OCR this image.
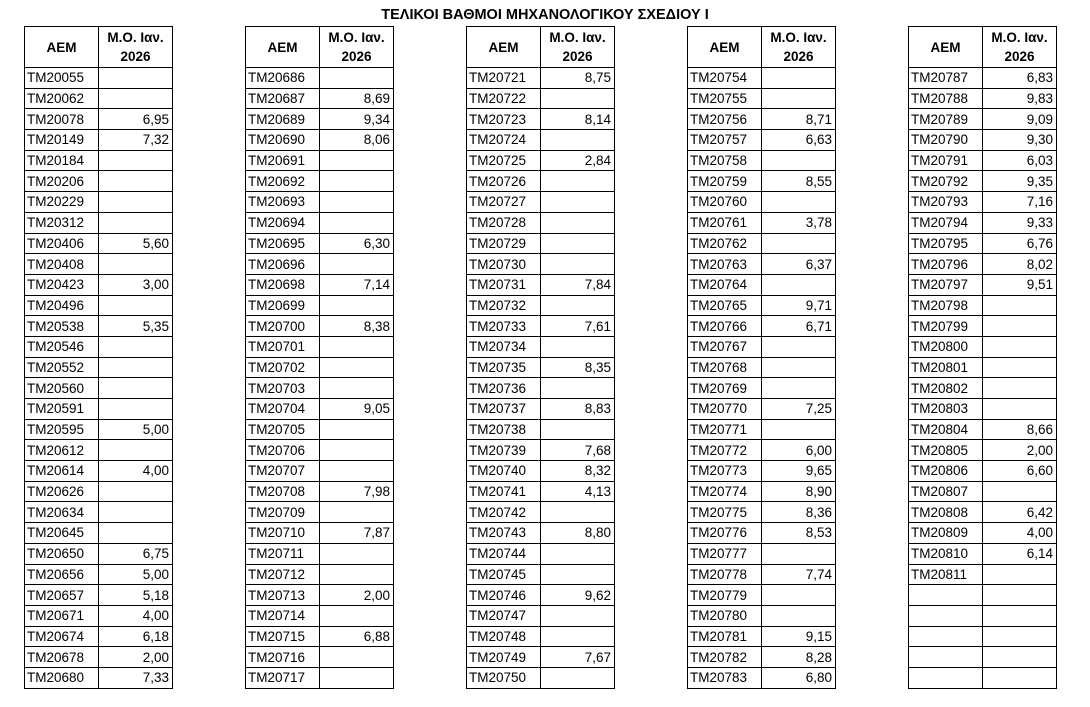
ΤΕΛΙΚΟΙ ΒΑΘΜΟΙ ΜΗΧΑΝΟΛΟΓΙΚΟΥ ΣΧΕΔΙΟΥ Ι
ΑΕΜ	Μ.Ο. Ιαν.
2026		ΑΕΜ	Μ.Ο. Ιαν.
2026		ΑΕΜ	Μ.Ο. Ιαν.
2026		ΑΕΜ	Μ.Ο. Ιαν.
2026		ΑΕΜ	Μ.Ο. Ιαν.
2026
TM20055			TM20686			TM20721	8,75		TM20754			TM20787	6,83
TM20062			TM20687	8,69		TM20722			TM20755			TM20788	9,83
TM20078	6,95		TM20689	9,34		TM20723	8,14		TM20756	8,71		TM20789	9,09
TM20149	7,32		TM20690	8,06		TM20724			TM20757	6,63		TM20790	9,30
TM20184			TM20691			TM20725	2,84		TM20758			TM20791	6,03
TM20206			TM20692			TM20726			TM20759	8,55		TM20792	9,35
TM20229			TM20693			TM20727			TM20760			TM20793	7,16
TM20312			TM20694			TM20728			TM20761	3,78		TM20794	9,33
TM20406	5,60		TM20695	6,30		TM20729			TM20762			TM20795	6,76
TM20408			TM20696			TM20730			TM20763	6,37		TM20796	8,02
TM20423	3,00		TM20698	7,14		TM20731	7,84		TM20764			TM20797	9,51
TM20496			TM20699			TM20732			TM20765	9,71		TM20798	
TM20538	5,35		TM20700	8,38		TM20733	7,61		TM20766	6,71		TM20799	
TM20546			TM20701			TM20734			TM20767			TM20800	
TM20552			TM20702			TM20735	8,35		TM20768			TM20801	
TM20560			TM20703			TM20736			TM20769			TM20802	
TM20591			TM20704	9,05		TM20737	8,83		TM20770	7,25		TM20803	
TM20595	5,00		TM20705			TM20738			TM20771			TM20804	8,66
TM20612			TM20706			TM20739	7,68		TM20772	6,00		TM20805	2,00
TM20614	4,00		TM20707			TM20740	8,32		TM20773	9,65		TM20806	6,60
TM20626			TM20708	7,98		TM20741	4,13		TM20774	8,90		TM20807	
TM20634			TM20709			TM20742			TM20775	8,36		TM20808	6,42
TM20645			TM20710	7,87		TM20743	8,80		TM20776	8,53		TM20809	4,00
TM20650	6,75		TM20711			TM20744			TM20777			TM20810	6,14
TM20656	5,00		TM20712			TM20745			TM20778	7,74		TM20811	
TM20657	5,18		TM20713	2,00		TM20746	9,62		TM20779				
TM20671	4,00		TM20714			TM20747			TM20780				
TM20674	6,18		TM20715	6,88		TM20748			TM20781	9,15			
TM20678	2,00		TM20716			TM20749	7,67		TM20782	8,28			
TM20680	7,33		TM20717			TM20750			TM20783	6,80			
